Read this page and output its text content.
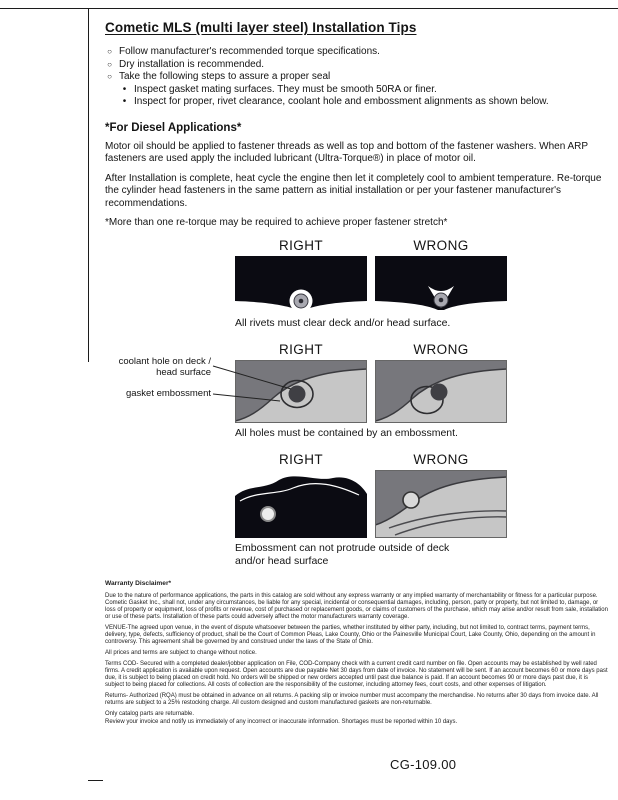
Cometic MLS (multi layer steel) Installation Tips
○ Follow manufacturer's recommended torque specifications.
○ Dry installation is recommended.
○ Take the following steps to assure a proper seal
• Inspect gasket mating surfaces. They must be smooth 50RA or finer.
• Inspect for proper, rivet clearance, coolant hole and embossment alignments as shown below.
*For Diesel Applications*

Motor oil should be applied to fastener threads as well as top and bottom of the fastener washers. When ARP fasteners are used apply the included lubricant (Ultra-Torque®) in place of motor oil.

After Installation is complete, heat cycle the engine then let it completely cool to ambient temperature. Re-torque the cylinder head fasteners in the same pattern as initial installation or per your fastener manufacturer's recommendations.

*More than one re-torque may be required to achieve proper fastener stretch*

coolant hole on deck / head surface
gasket embossment
RIGHT	WRONG
All rivets must clear deck and/or head surface.
RIGHT	WRONG
All holes must be contained by an embossment.
RIGHT	WRONG
Embossment can not protrude outside of deck and/or head surface
Warranty Disclaimer*

Due to the nature of performance applications, the parts in this catalog are sold without any express warranty or any implied warranty of merchantability or fitness for a particular purpose. Cometic Gasket Inc., shall not, under any circumstances, be liable for any special, incidental or consequential damages, including, person, party or property, but not limited to, damage, or loss of property or equipment, loss of profits or revenue, cost of purchased or replacement goods, or claims of customers of the purchase, which may arise and/or result from sale, installation or use of these parts. Installation of these parts could adversely affect the motor manufacturers warranty coverage.

VENUE-The agreed upon venue, in the event of dispute whatsoever between the parties, whether instituted by either party, including, but not limited to, contract terms, payment terms, delivery, type, defects, sufficiency of product, shall be the Court of Common Pleas, Lake County, Ohio or the Painesville Municipal Court, Lake County, Ohio, depending on the amount in controversy. This agreement shall be governed by and construed under the laws of the State of Ohio.

All prices and terms are subject to change without notice.

Terms COD- Secured with a completed dealer/jobber application on File, COD-Company check with a current credit card number on file. Open accounts may be established by well rated firms. A credit application is available upon request. Open accounts are due payable Net 30 days from date of invoice. No statement will be sent. If an account becomes 60 or more days past due, it is subject to being placed on credit hold. No orders will be shipped or new orders accepted until past due balance is paid. If an account becomes 90 or more days past due, it is subject to being placed for collections. All costs of collection are the responsibility of the customer, including attorney fees, court costs, and other expenses of litigation.

Returns- Authorized (RQA) must be obtained in advance on all returns. A packing slip or invoice number must accompany the merchandise. No returns after 30 days from invoice date. All returns are subject to a 25% restocking charge. All custom designed and custom manufactured gaskets are non-returnable.

Only catalog parts are returnable.

Review your invoice and notify us immediately of any incorrect or inaccurate information. Shortages must be reported within 10 days.

CG-109.00
